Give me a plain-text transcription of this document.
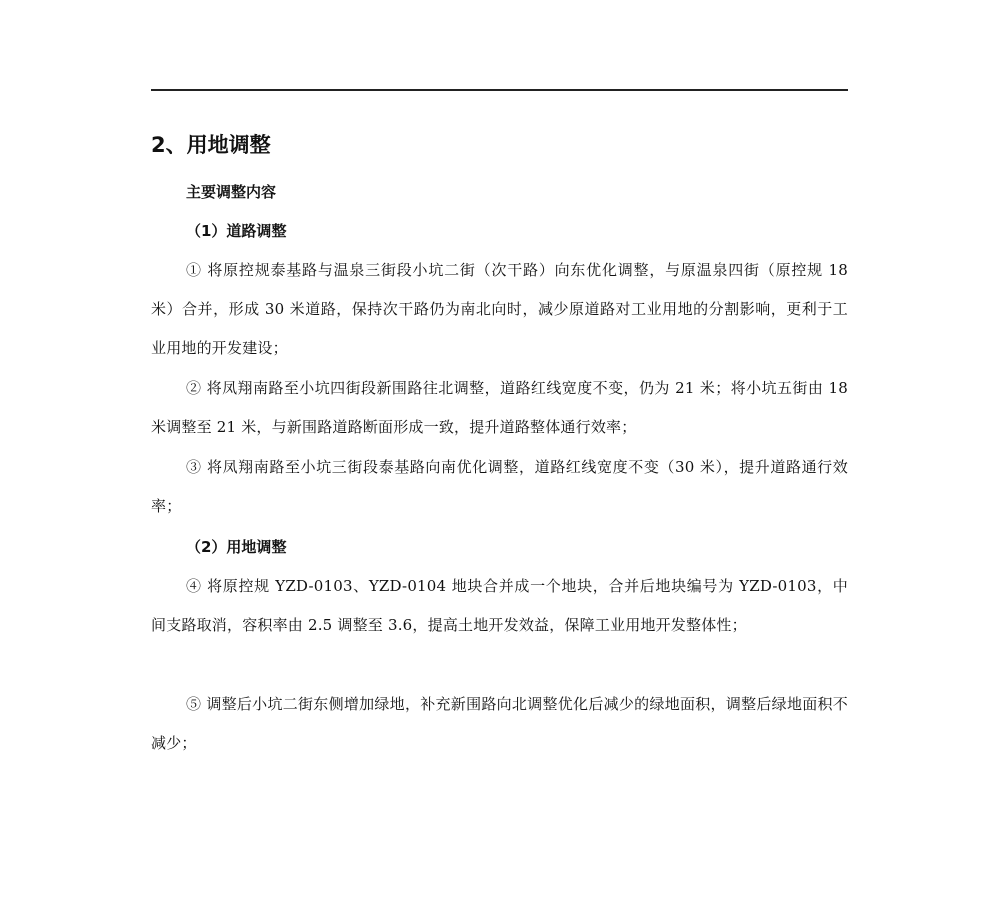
2、用地调整
主要调整内容
（1）道路调整

① 将原控规泰基路与温泉三街段小坑二街（次干路）向东优化调整，与原温泉四街（原控规 18 米）合并，形成 30 米道路，保持次干路仍为南北向时，减少原道路对工业用地的分割影响，更利于工业用地的开发建设；

② 将凤翔南路至小坑四街段新围路往北调整，道路红线宽度不变，仍为 21 米；将小坑五街由 18 米调整至 21 米，与新围路道路断面形成一致，提升道路整体通行效率；

③ 将凤翔南路至小坑三街段泰基路向南优化调整，道路红线宽度不变（30 米），提升道路通行效率；

（2）用地调整

④ 将原控规 YZD-0103、YZD-0104 地块合并成一个地块，合并后地块编号为 YZD-0103，中间支路取消，容积率由 2.5 调整至 3.6，提高土地开发效益，保障工业用地开发整体性；

⑤ 调整后小坑二街东侧增加绿地，补充新围路向北调整优化后减少的绿地面积，调整后绿地面积不减少；
